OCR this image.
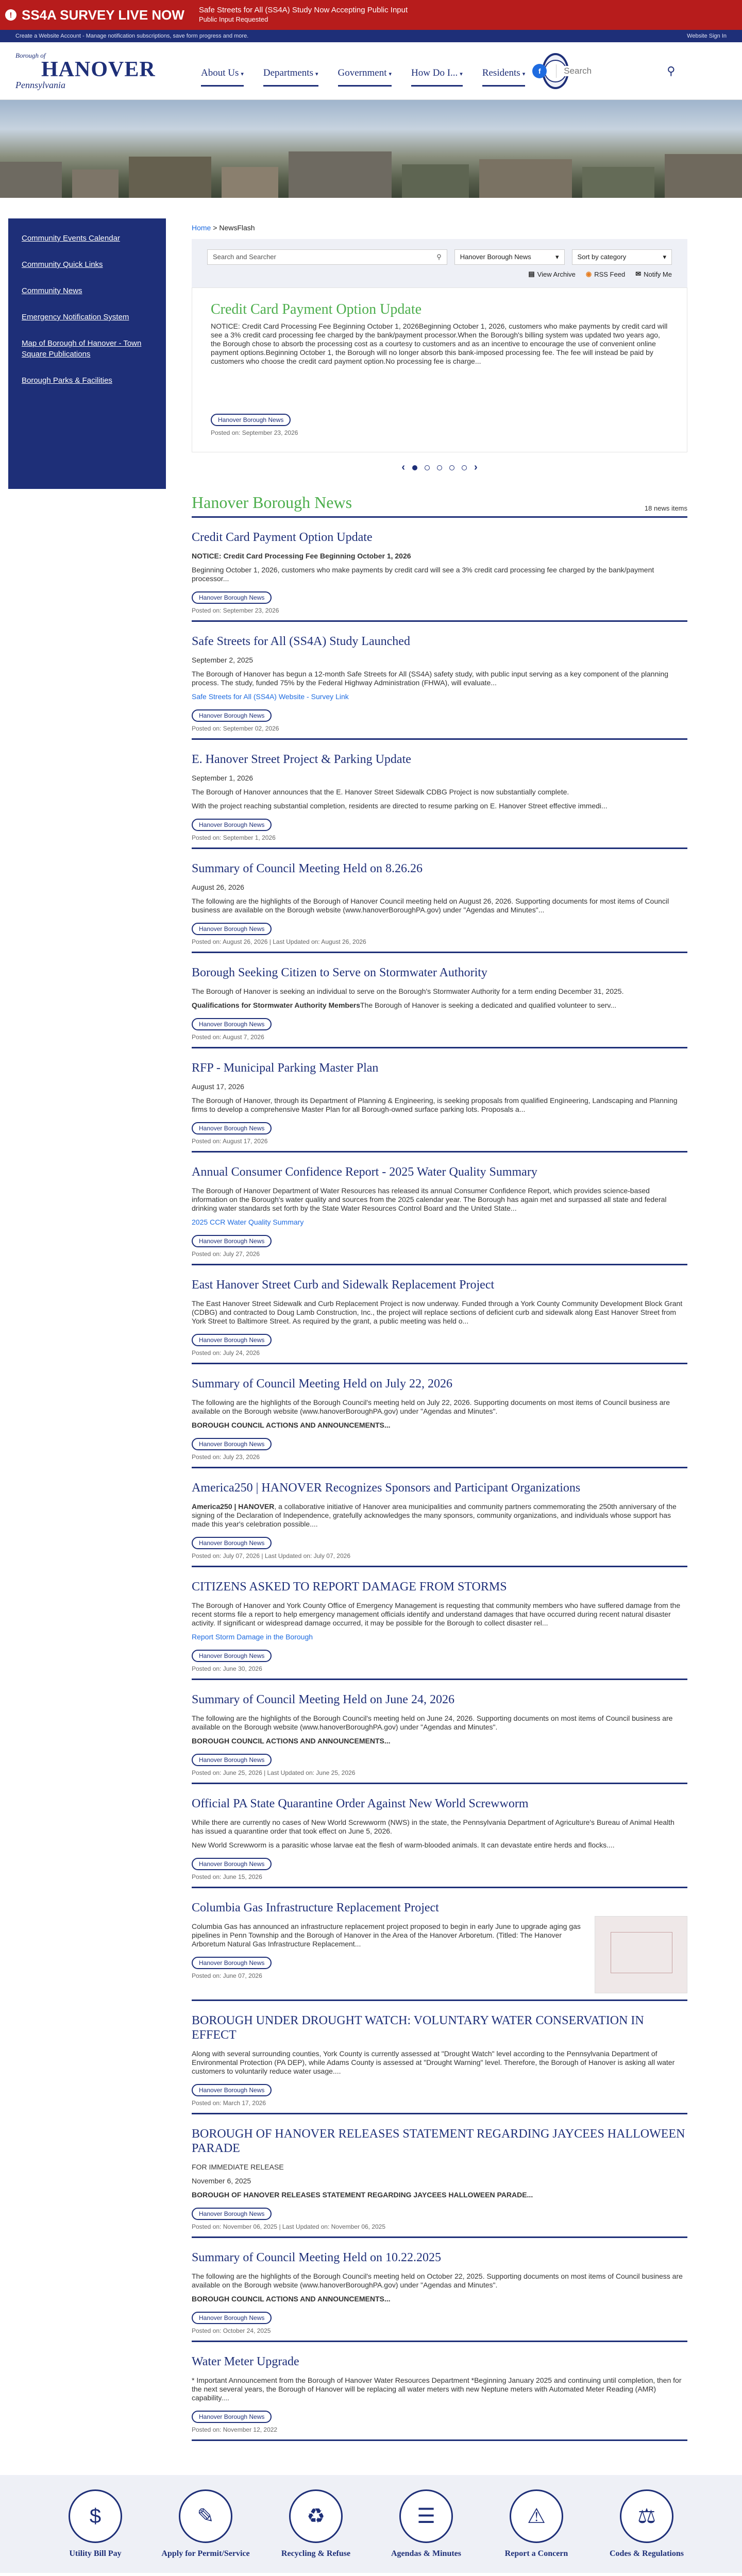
! SS4A SURVEY LIVE NOW Safe Streets for All (SS4A) Study Now Accepting Public Input
Public Input Requested
Create a Website Account - Manage notification subscriptions, save form progress and more.	Website Sign In
Borough of
HANOVER
Pennsylvania
About Us ▾ Departments ▾ Government ▾ How Do I... ▾ Residents ▾	f
Search	⚲
Community Events Calendar
Community Quick Links
Community News
Emergency Notification System
Map of Borough of Hanover - Town Square Publications
Borough Parks & Facilities
Home > NewsFlash
Search and Searcher	⚲	Hanover Borough News	▾	Sort by category	▾
▤ View Archive ◉ RSS Feed ✉ Notify Me
Credit Card Payment Option Update

NOTICE: Credit Card Processing Fee Beginning October 1, 2026Beginning October 1, 2026, customers who make payments by credit card will see a 3% credit card processing fee charged by the bank/payment processor.When the Borough's billing system was updated two years ago, the Borough chose to absorb the processing cost as a courtesy to customers and as an incentive to encourage the use of convenient online payment options.Beginning October 1, the Borough will no longer absorb this bank-imposed processing fee. The fee will instead be paid by customers who choose the credit card payment option.No processing fee is charge...

Hanover Borough News
Posted on: September 23, 2026
‹	›
Hanover Borough News	18 news items
Credit Card Payment Option Update

NOTICE: Credit Card Processing Fee Beginning October 1, 2026

Beginning October 1, 2026, customers who make payments by credit card will see a 3% credit card processing fee charged by the bank/payment processor...

Hanover Borough News
Posted on: September 23, 2026
Safe Streets for All (SS4A) Study Launched

September 2, 2025

The Borough of Hanover has begun a 12-month Safe Streets for All (SS4A) safety study, with public input serving as a key component of the planning process. The study, funded 75% by the Federal Highway Administration (FHWA), will evaluate...

Safe Streets for All (SS4A) Website - Survey Link

Hanover Borough News
Posted on: September 02, 2026
E. Hanover Street Project & Parking Update

September 1, 2026

The Borough of Hanover announces that the E. Hanover Street Sidewalk CDBG Project is now substantially complete.

With the project reaching substantial completion, residents are directed to resume parking on E. Hanover Street effective immedi...

Hanover Borough News
Posted on: September 1, 2026
Summary of Council Meeting Held on 8.26.26

August 26, 2026

The following are the highlights of the Borough of Hanover Council meeting held on August 26, 2026. Supporting documents for most items of Council business are available on the Borough website (www.hanoverBoroughPA.gov) under "Agendas and Minutes"...

Hanover Borough News
Posted on: August 26, 2026 | Last Updated on: August 26, 2026
Borough Seeking Citizen to Serve on Stormwater Authority

The Borough of Hanover is seeking an individual to serve on the Borough's Stormwater Authority for a term ending December 31, 2025.

Qualifications for Stormwater Authority MembersThe Borough of Hanover is seeking a dedicated and qualified volunteer to serv...

Hanover Borough News
Posted on: August 7, 2026
RFP - Municipal Parking Master Plan

August 17, 2026

The Borough of Hanover, through its Department of Planning & Engineering, is seeking proposals from qualified Engineering, Landscaping and Planning firms to develop a comprehensive Master Plan for all Borough-owned surface parking lots. Proposals a...

Hanover Borough News
Posted on: August 17, 2026
Annual Consumer Confidence Report - 2025 Water Quality Summary

The Borough of Hanover Department of Water Resources has released its annual Consumer Confidence Report, which provides science-based information on the Borough's water quality and sources from the 2025 calendar year. The Borough has again met and surpassed all state and federal drinking water standards set forth by the State Water Resources Control Board and the United State...

2025 CCR Water Quality Summary

Hanover Borough News
Posted on: July 27, 2026
East Hanover Street Curb and Sidewalk Replacement Project

The East Hanover Street Sidewalk and Curb Replacement Project is now underway. Funded through a York County Community Development Block Grant (CDBG) and contracted to Doug Lamb Construction, Inc., the project will replace sections of deficient curb and sidewalk along East Hanover Street from York Street to Baltimore Street. As required by the grant, a public meeting was held o...

Hanover Borough News
Posted on: July 24, 2026
Summary of Council Meeting Held on July 22, 2026

The following are the highlights of the Borough Council's meeting held on July 22, 2026. Supporting documents on most items of Council business are available on the Borough website (www.hanoverBoroughPA.gov) under "Agendas and Minutes".

BOROUGH COUNCIL ACTIONS AND ANNOUNCEMENTS...

Hanover Borough News
Posted on: July 23, 2026
America250 | HANOVER Recognizes Sponsors and Participant Organizations

America250 | HANOVER, a collaborative initiative of Hanover area municipalities and community partners commemorating the 250th anniversary of the signing of the Declaration of Independence, gratefully acknowledges the many sponsors, community organizations, and individuals whose support has made this year's celebration possible....

Hanover Borough News
Posted on: July 07, 2026 | Last Updated on: July 07, 2026
CITIZENS ASKED TO REPORT DAMAGE FROM STORMS

The Borough of Hanover and York County Office of Emergency Management is requesting that community members who have suffered damage from the recent storms file a report to help emergency management officials identify and understand damages that have occurred during recent natural disaster activity. If significant or widespread damage occurred, it may be possible for the Borough to collect disaster rel...

Report Storm Damage in the Borough

Hanover Borough News
Posted on: June 30, 2026
Summary of Council Meeting Held on June 24, 2026

The following are the highlights of the Borough Council's meeting held on June 24, 2026. Supporting documents on most items of Council business are available on the Borough website (www.hanoverBoroughPA.gov) under "Agendas and Minutes".

BOROUGH COUNCIL ACTIONS AND ANNOUNCEMENTS...

Hanover Borough News
Posted on: June 25, 2026 | Last Updated on: June 25, 2026
Official PA State Quarantine Order Against New World Screwworm

While there are currently no cases of New World Screwworm (NWS) in the state, the Pennsylvania Department of Agriculture's Bureau of Animal Health has issued a quarantine order that took effect on June 5, 2026.

New World Screwworm is a parasitic whose larvae eat the flesh of warm-blooded animals. It can devastate entire herds and flocks....

Hanover Borough News
Posted on: June 15, 2026
Columbia Gas Infrastructure Replacement Project

Columbia Gas has announced an infrastructure replacement project proposed to begin in early June to upgrade aging gas pipelines in Penn Township and the Borough of Hanover in the Area of the Hanover Arboretum. (Titled: The Hanover Arboretum Natural Gas Infrastructure Replacement...

Hanover Borough News
Posted on: June 07, 2026
BOROUGH UNDER DROUGHT WATCH: VOLUNTARY WATER CONSERVATION IN EFFECT

Along with several surrounding counties, York County is currently assessed at "Drought Watch" level according to the Pennsylvania Department of Environmental Protection (PA DEP), while Adams County is assessed at "Drought Warning" level. Therefore, the Borough of Hanover is asking all water customers to voluntarily reduce water usage....

Hanover Borough News
Posted on: March 17, 2026
BOROUGH OF HANOVER RELEASES STATEMENT REGARDING JAYCEES HALLOWEEN PARADE

FOR IMMEDIATE RELEASE

November 6, 2025

BOROUGH OF HANOVER RELEASES STATEMENT REGARDING JAYCEES HALLOWEEN PARADE...

Hanover Borough News
Posted on: November 06, 2025 | Last Updated on: November 06, 2025
Summary of Council Meeting Held on 10.22.2025

The following are the highlights of the Borough Council's meeting held on October 22, 2025. Supporting documents on most items of Council business are available on the Borough website (www.hanoverBoroughPA.gov) under "Agendas and Minutes".

BOROUGH COUNCIL ACTIONS AND ANNOUNCEMENTS...

Hanover Borough News
Posted on: October 24, 2025
Water Meter Upgrade

* Important Announcement from the Borough of Hanover Water Resources Department *Beginning January 2025 and continuing until completion, then for the next several years, the Borough of Hanover will be replacing all water meters with new Neptune meters with Automated Meter Reading (AMR) capability....

Hanover Borough News
Posted on: November 12, 2022
$
Utility Bill Pay
✎
Apply for Permit/Service
♻
Recycling & Refuse
☰
Agendas & Minutes
⚠
Report a Concern
⚖
Codes & Regulations
